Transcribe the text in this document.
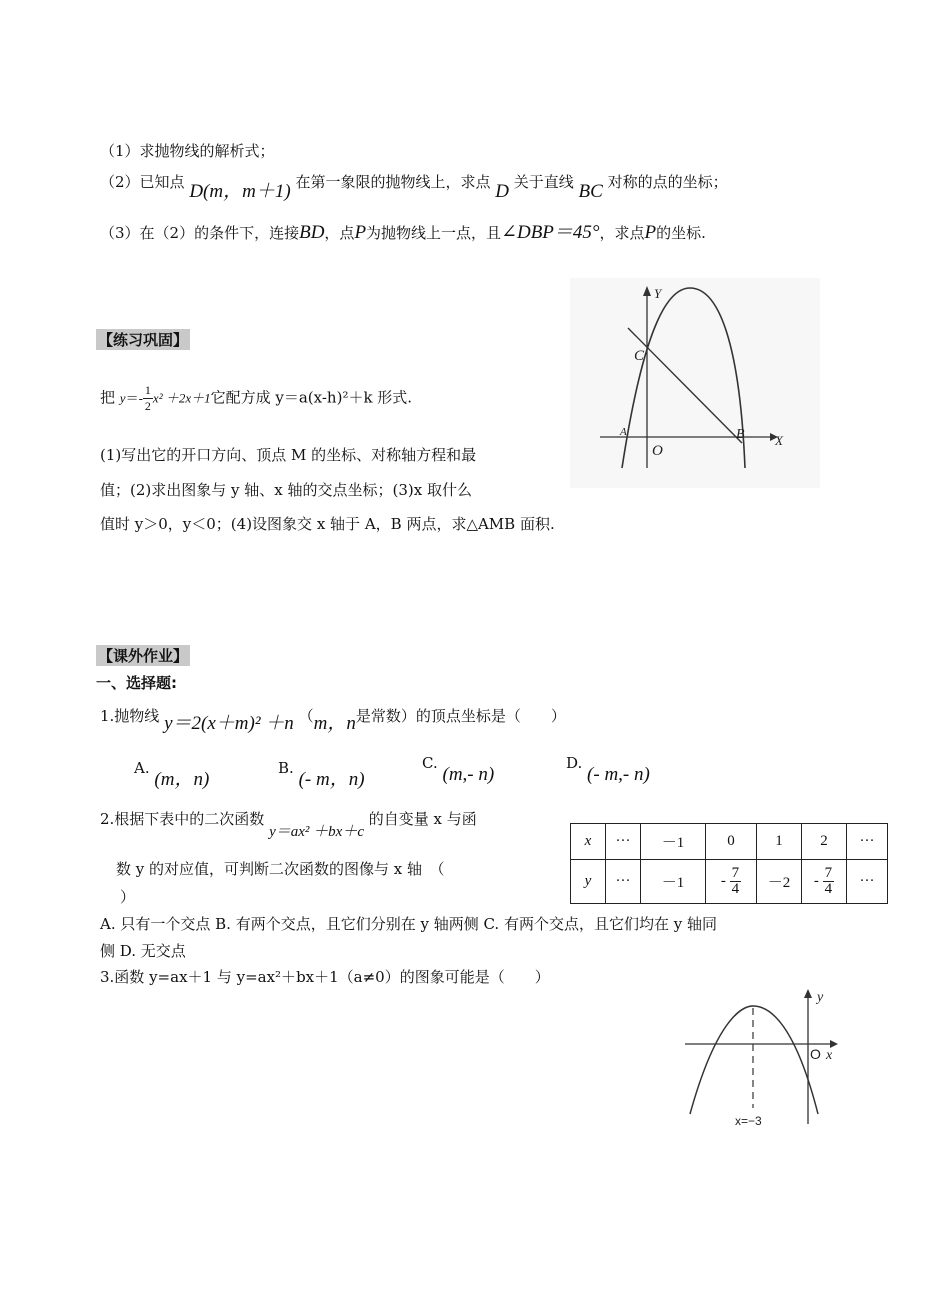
（1）求抛物线的解析式；
（2）已知点 D(m，m＋1) 在第一象限的抛物线上，求点 D 关于直线 BC 对称的点的坐标；
（3）在（2）的条件下，连接BD，点P为抛物线上一点，且∠DBP＝45°，求点P的坐标.
Y
X
C
A	B
O
【练习巩固】
把 $y=- \frac{1}{2} x^2 +2x+1$它配方成 y＝a(x-h)²＋k 形式.
(1)写出它的开口方向、顶点 M 的坐标、对称轴方程和最
值；(2)求出图象与 y 轴、x 轴的交点坐标；(3)x 取什么
值时 y＞0，y＜0；(4)设图象交 x 轴于 A，B 两点，求△AMB 面积.
【课外作业】
一、选择题:
1.抛物线 y＝2(x＋m)² ＋n （m，n是常数）的顶点坐标是（　　）
A. (m，n)
B. (- m，n)
C. (m,- n)
D. (- m,- n)
2.根据下表中的二次函数 y＝ax² ＋bx＋c 的自变量 x 与函
数 y 的对应值，可判断二次函数的图像与 x 轴　（
）
x	···	－1	0	1	2	···
y	···	－1	- $\frac{7}{4}$	－2	- $\frac{7}{4}$	···
A. 只有一个交点 B. 有两个交点，且它们分别在 y 轴两侧 C. 有两个交点，且它们均在 y 轴同
侧 D. 无交点
3.函数 y=ax＋1 与 y=ax²＋bx＋1（a≠0）的图象可能是（　　）
y
O x
x=−3
